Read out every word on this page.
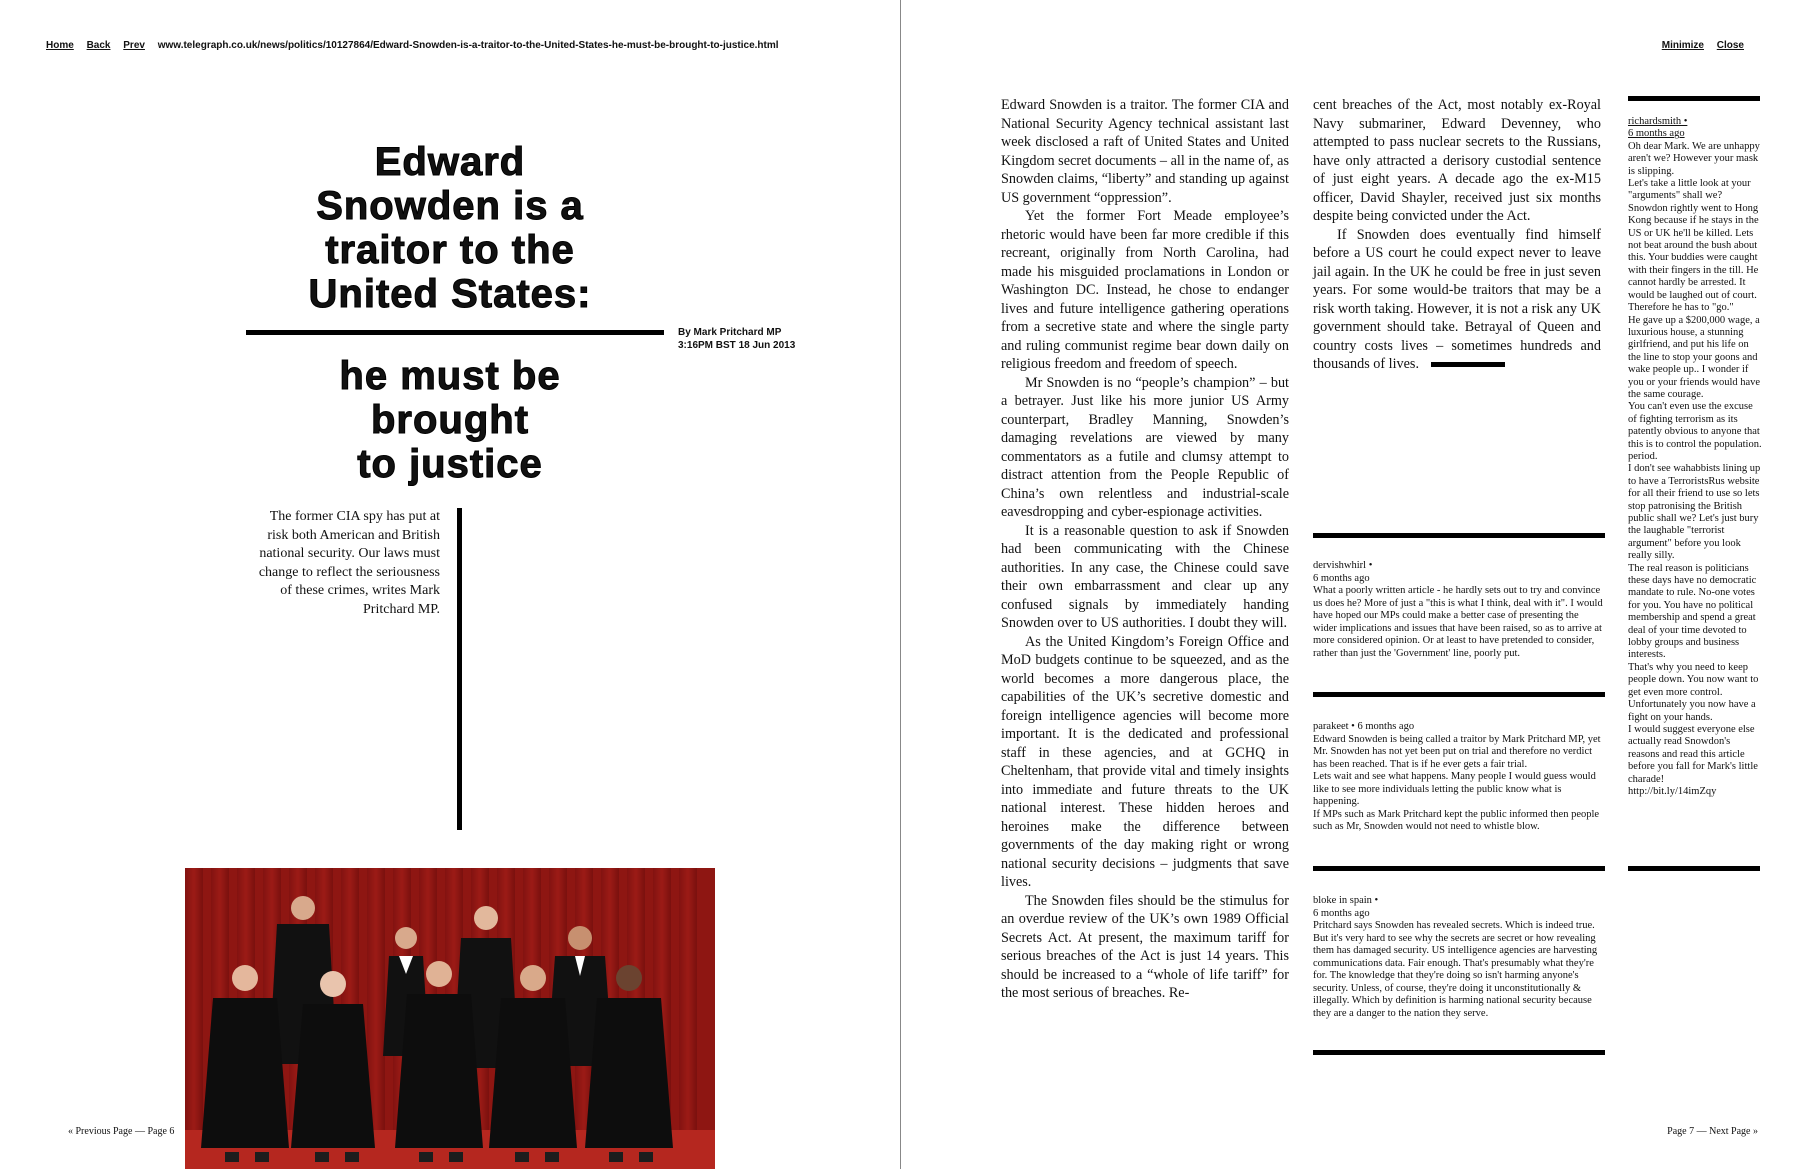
Home Back Prev www.telegraph.co.uk/news/politics/10127864/Edward-Snowden-is-a-traitor-to-the-United-States-he-must-be-brought-to-justice.html	Minimize Close
Edward
Snowden is a
traitor to the
United States:
By Mark Pritchard MP
3:16PM BST 18 Jun 2013
he must be
brought
to justice
The former CIA spy has put at risk both American and British national security. Our laws must change to reflect the seriousness of these crimes, writes Mark Pritchard MP.
« Previous Page — Page 6	Page 7 — Next Page »

Edward Snowden is a traitor. The former CIA and National Security Agency technical assistant last week disclosed a raft of United States and United Kingdom secret documents – all in the name of, as Snowden claims, “liberty” and standing up against US government “oppression”.

Yet the former Fort Meade employee’s rhetoric would have been far more credible if this recreant, originally from North Carolina, had made his misguided proclamations in London or Washington DC. Instead, he chose to endanger lives and future intelligence gathering operations from a secretive state and where the single party and ruling communist regime bear down daily on religious freedom and freedom of speech.

Mr Snowden is no “people’s champion” – but a betrayer. Just like his more junior US Army counterpart, Bradley Manning, Snowden’s damaging revelations are viewed by many commentators as a futile and clumsy attempt to distract attention from the People Republic of China’s own relentless and industrial-scale eavesdropping and cyber-espionage activities.

It is a reasonable question to ask if Snowden had been communicating with the Chinese authorities. In any case, the Chinese could save their own embarrassment and clear up any confused signals by immediately handing Snowden over to US authorities. I doubt they will.

As the United Kingdom’s Foreign Office and MoD budgets continue to be squeezed, and as the world becomes a more dangerous place, the capabilities of the UK’s secretive domestic and foreign intelligence agencies will become more important. It is the dedicated and professional staff in these agencies, and at GCHQ in Cheltenham, that provide vital and timely insights into immediate and future threats to the UK national interest. These hidden heroes and heroines make the difference between governments of the day making right or wrong national security decisions – judgments that save lives.

The Snowden files should be the stimulus for an overdue review of the UK’s own 1989 Official Secrets Act. At present, the maximum tariff for serious breaches of the Act is just 14 years. This should be increased to a “whole of life tariff” for the most serious of breaches. Re-

cent breaches of the Act, most notably ex-Royal Navy submariner, Edward Devenney, who attempted to pass nuclear secrets to the Russians, have only attracted a derisory custodial sentence of just eight years. A decade ago the ex-M15 officer, David Shayler, received just six months despite being convicted under the Act.

If Snowden does eventually find himself before a US court he could expect never to leave jail again. In the UK he could be free in just seven years. For some would-be traitors that may be a risk worth taking. However, it is not a risk any UK government should take. Betrayal of Queen and country costs lives – sometimes hundreds and thousands of lives.

dervishwhirl •
6 months ago

What a poorly written article - he hardly sets out to try and convince us does he? More of just a "this is what I think, deal with it". I would have hoped our MPs could make a better case of presenting the wider implications and issues that have been raised, so as to arrive at more considered opinion. Or at least to have pretended to consider, rather than just the 'Government' line, poorly put.

parakeet • 6 months ago

Edward Snowden is being called a traitor by Mark Pritchard MP, yet Mr. Snowden has not yet been put on trial and therefore no verdict has been reached. That is if he ever gets a fair trial.

Lets wait and see what happens. Many people I would guess would like to see more individuals letting the public know what is happening.

If MPs such as Mark Pritchard kept the public informed then people such as Mr, Snowden would not need to whistle blow.

bloke in spain •
6 months ago

Pritchard says Snowden has revealed secrets. Which is indeed true. But it's very hard to see why the secrets are secret or how revealing them has damaged security. US intelligence agencies are harvesting communications data. Fair enough. That's presumably what they're for. The knowledge that they're doing so isn't harming anyone's security. Unless, of course, they're doing it unconstitutionally & illegally. Which by definition is harming national security because they are a danger to the nation they serve.

richardsmith •
6 months ago

Oh dear Mark. We are unhappy aren't we? However your mask is slipping.

Let's take a little look at your "arguments" shall we?

Snowdon rightly went to Hong Kong because if he stays in the US or UK he'll be killed. Lets not beat around the bush about this. Your buddies were caught with their fingers in the till. He cannot hardly be arrested. It would be laughed out of court. Therefore he has to "go."

He gave up a $200,000 wage, a luxurious house, a stunning girlfriend, and put his life on the line to stop your goons and wake people up.. I wonder if you or your friends would have the same courage.

You can't even use the excuse of fighting terrorism as its patently obvious to anyone that this is to control the population. period.

I don't see wahabbists lining up to have a TerroristsRus website for all their friend to use so lets stop patronising the British public shall we? Let's just bury the laughable "terrorist argument" before you look really silly.

The real reason is politicians these days have no democratic mandate to rule. No-one votes for you. You have no political membership and spend a great deal of your time devoted to lobby groups and business interests.

That's why you need to keep people down. You now want to get even more control. Unfortunately you now have a fight on your hands.

I would suggest everyone else actually read Snowdon's reasons and read this article before you fall for Mark's little charade!

http://bit.ly/14imZqy
